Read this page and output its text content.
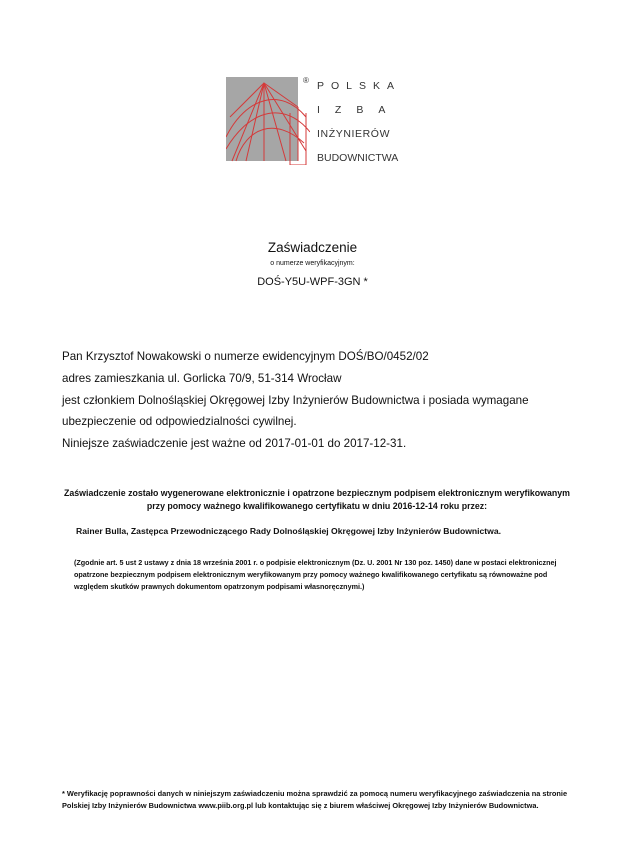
® POLSKA
IZBA
INŻYNIERÓW
BUDOWNICTWA
Zaświadczenie
o numerze weryfikacyjnym:
DOŚ-Y5U-WPF-3GN *
Pan Krzysztof Nowakowski o numerze ewidencyjnym DOŚ/BO/0452/02
adres zamieszkania ul. Gorlicka 70/9, 51-314 Wrocław
jest członkiem Dolnośląskiej Okręgowej Izby Inżynierów Budownictwa i posiada wymagane
ubezpieczenie od odpowiedzialności cywilnej.
Niniejsze zaświadczenie jest ważne od 2017-01-01 do 2017-12-31.
Zaświadczenie zostało wygenerowane elektronicznie i opatrzone bezpiecznym podpisem elektronicznym weryfikowanym przy pomocy ważnego kwalifikowanego certyfikatu w dniu 2016-12-14 roku przez:
Rainer Bulla, Zastępca Przewodniczącego Rady Dolnośląskiej Okręgowej Izby Inżynierów Budownictwa.
(Zgodnie art. 5 ust 2 ustawy z dnia 18 września 2001 r. o podpisie elektronicznym (Dz. U. 2001 Nr 130 poz. 1450) dane w postaci elektronicznej opatrzone bezpiecznym podpisem elektronicznym weryfikowanym przy pomocy ważnego kwalifikowanego certyfikatu są równoważne pod względem skutków prawnych dokumentom opatrzonym podpisami własnoręcznymi.)
* Weryfikację poprawności danych w niniejszym zaświadczeniu można sprawdzić za pomocą numeru weryfikacyjnego zaświadczenia na stronie Polskiej Izby Inżynierów Budownictwa www.piib.org.pl lub kontaktując się z biurem właściwej Okręgowej Izby Inżynierów Budownictwa.
